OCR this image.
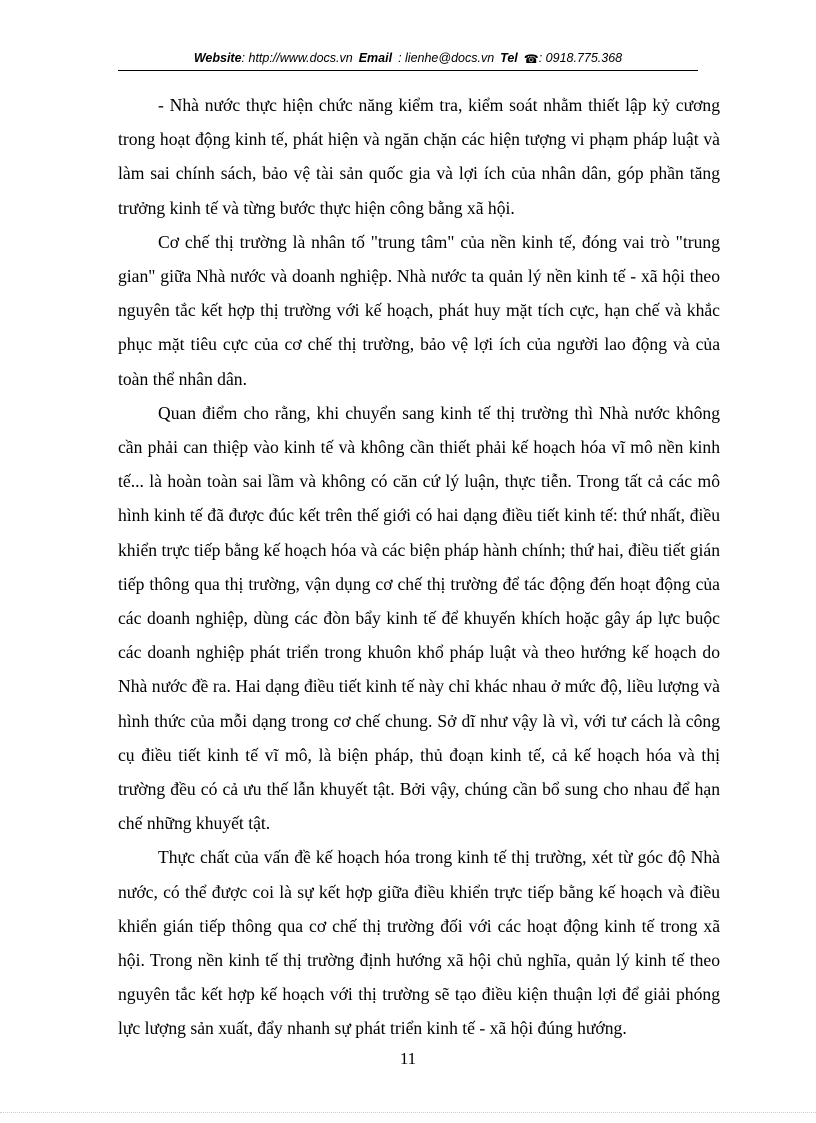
Website: http://www.docs.vn Email : lienhe@docs.vn Tel ☎: 0918.775.368

- Nhà nước thực hiện chức năng kiểm tra, kiểm soát nhằm thiết lập kỷ cương trong hoạt động kinh tế, phát hiện và ngăn chặn các hiện tượng vi phạm pháp luật và làm sai chính sách, bảo vệ tài sản quốc gia và lợi ích của nhân dân, góp phần tăng trưởng kinh tế và từng bước thực hiện công bằng xã hội.

Cơ chế thị trường là nhân tố "trung tâm" của nền kinh tế, đóng vai trò "trung gian" giữa Nhà nước và doanh nghiệp. Nhà nước ta quản lý nền kinh tế - xã hội theo nguyên tắc kết hợp thị trường với kế hoạch, phát huy mặt tích cực, hạn chế và khắc phục mặt tiêu cực của cơ chế thị trường, bảo vệ lợi ích của người lao động và của toàn thể nhân dân.

Quan điểm cho rằng, khi chuyển sang kinh tế thị trường thì Nhà nước không cần phải can thiệp vào kinh tế và không cần thiết phải kế hoạch hóa vĩ mô nền kinh tế... là hoàn toàn sai lầm và không có căn cứ lý luận, thực tiễn. Trong tất cả các mô hình kinh tế đã được đúc kết trên thế giới có hai dạng điều tiết kinh tế: thứ nhất, điều khiển trực tiếp bằng kế hoạch hóa và các biện pháp hành chính; thứ hai, điều tiết gián tiếp thông qua thị trường, vận dụng cơ chế thị trường để tác động đến hoạt động của các doanh nghiệp, dùng các đòn bẩy kinh tế để khuyến khích hoặc gây áp lực buộc các doanh nghiệp phát triển trong khuôn khổ pháp luật và theo hướng kế hoạch do Nhà nước đề ra. Hai dạng điều tiết kinh tế này chỉ khác nhau ở mức độ, liều lượng và hình thức của mỗi dạng trong cơ chế chung. Sở dĩ như vậy là vì, với tư cách là công cụ điều tiết kinh tế vĩ mô, là biện pháp, thủ đoạn kinh tế, cả kế hoạch hóa và thị trường đều có cả ưu thế lẫn khuyết tật. Bởi vậy, chúng cần bổ sung cho nhau để hạn chế những khuyết tật.

Thực chất của vấn đề kế hoạch hóa trong kinh tế thị trường, xét từ góc độ Nhà nước, có thể được coi là sự kết hợp giữa điều khiển trực tiếp bằng kế hoạch và điều khiển gián tiếp thông qua cơ chế thị trường đối với các hoạt động kinh tế trong xã hội. Trong nền kinh tế thị trường định hướng xã hội chủ nghĩa, quản lý kinh tế theo nguyên tắc kết hợp kế hoạch với thị trường sẽ tạo điều kiện thuận lợi để giải phóng lực lượng sản xuất, đẩy nhanh sự phát triển kinh tế - xã hội đúng hướng.

11
